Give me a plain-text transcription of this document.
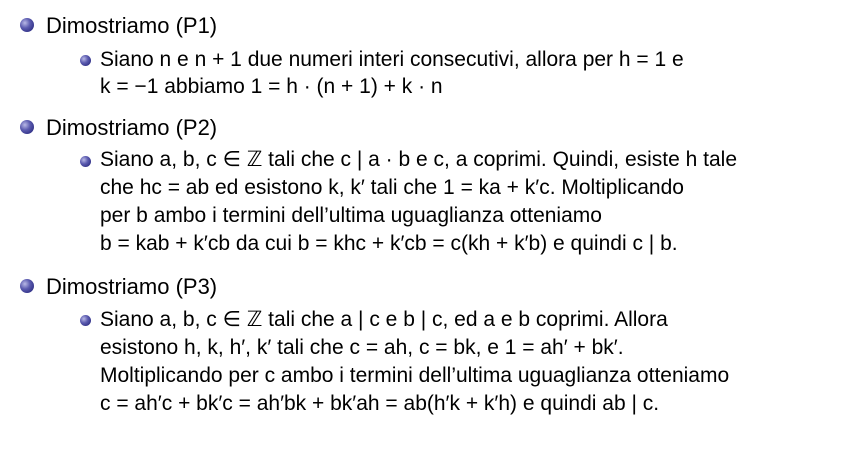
Dimostriamo (P1)
Siano n e n + 1 due numeri interi consecutivi, allora per h = 1 e
k = −1 abbiamo 1 = h · (n + 1) + k · n
Dimostriamo (P2)
Siano a, b, c ∈ ℤ tali che c | a · b e c, a coprimi. Quindi, esiste h tale
che hc = ab ed esistono k, k′ tali che 1 = ka + k′c. Moltiplicando
per b ambo i termini dell’ultima uguaglianza otteniamo
b = kab + k′cb da cui b = khc + k′cb = c(kh + k′b) e quindi c | b.
Dimostriamo (P3)
Siano a, b, c ∈ ℤ tali che a | c e b | c, ed a e b coprimi. Allora
esistono h, k, h′, k′ tali che c = ah, c = bk, e 1 = ah′ + bk′.
Moltiplicando per c ambo i termini dell’ultima uguaglianza otteniamo
c = ah′c + bk′c = ah′bk + bk′ah = ab(h′k + k′h) e quindi ab | c.
